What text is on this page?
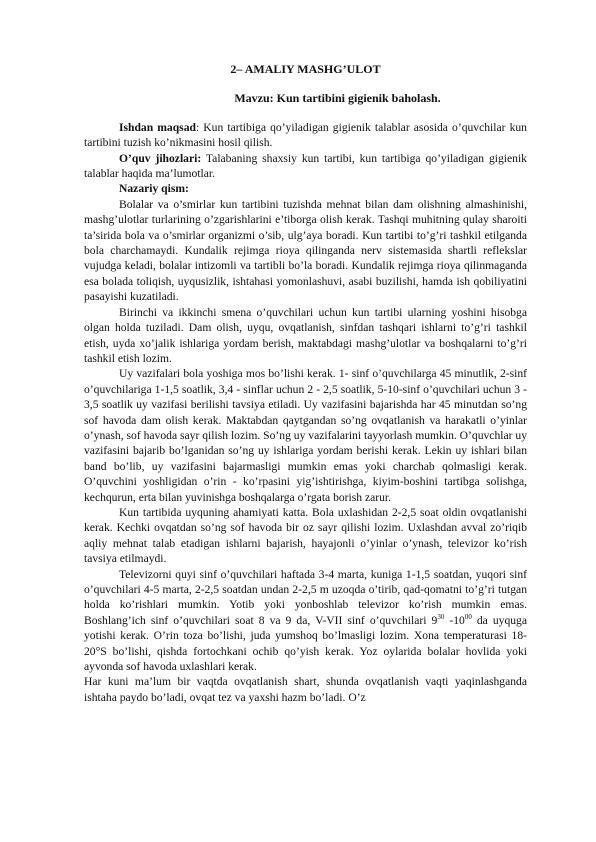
2– AMALIY MASHG’ULOT
Mavzu: Kun tartibini gigienik baholash.

Ishdan maqsad: Kun tartibiga qo’yiladigan gigienik talablar asosida o’quvchilar kun tartibini tuzish ko’nikmasini hosil qilish.

O’quv jihozlari: Talabaning shaxsiy kun tartibi, kun tartibiga qo’yiladigan gigienik talablar haqida ma’lumotlar.

Nazariy qism:

Bolalar va o’smirlar kun tartibini tuzishda mehnat bilan dam olishning almashinishi, mashg’ulotlar turlarining o’zgarishlarini e’tiborga olish kerak. Tashqi muhitning qulay sharoiti ta’sirida bola va o’smirlar organizmi o’sib, ulg’aya boradi. Kun tartibi to’g’ri tashkil etilganda bola charchamaydi. Kundalik rejimga rioya qilinganda nerv sistemasida shartli reflekslar vujudga keladi, bolalar intizomli va tartibli bo’la boradi. Kundalik rejimga rioya qilinmaganda esa bolada toliqish, uyqusizlik, ishtahasi yomonlashuvi, asabi buzilishi, hamda ish qobiliyatini pasayishi kuzatiladi.

Birinchi va ikkinchi smena o’quvchilari uchun kun tartibi ularning yoshini hisobga olgan holda tuziladi. Dam olish, uyqu, ovqatlanish, sinfdan tashqari ishlarni to’g’ri tashkil etish, uyda xo’jalik ishlariga yordam berish, maktabdagi mashg’ulotlar va boshqalarni to’g’ri tashkil etish lozim.

Uy vazifalari bola yoshiga mos bo’lishi kerak. 1- sinf o’quvchilarga 45 minutlik, 2-sinf o’quvchilariga 1-1,5 soatlik, 3,4 - sinflar uchun 2 - 2,5 soatlik, 5-10-sinf o’quvchilari uchun 3 - 3,5 soatlik uy vazifasi berilishi tavsiya etiladi. Uy vazifasini bajarishda har 45 minutdan so’ng sof havoda dam olish kerak. Maktabdan qaytgandan so’ng ovqatlanish va harakatli o’yinlar o’ynash, sof havoda sayr qilish lozim. So’ng uy vazifalarini tayyorlash mumkin. O’quvchlar uy vazifasini bajarib bo’lganidan so’ng uy ishlariga yordam berishi kerak. Lekin uy ishlari bilan band bo’lib, uy vazifasini bajarmasligi mumkin emas yoki charchab qolmasligi kerak. O’quvchini yoshligidan o’rin - ko’rpasini yig’ishtirishga, kiyim-boshini tartibga solishga, kechqurun, erta bilan yuvinishga boshqalarga o’rgata borish zarur.

Kun tartibida uyquning ahamiyati katta. Bola uxlashidan 2-2,5 soat oldin ovqatlanishi kerak. Kechki ovqatdan so’ng sof havoda bir oz sayr qilishi lozim. Uxlashdan avval zo’riqib aqliy mehnat talab etadigan ishlarni bajarish, hayajonli o’yinlar o’ynash, televizor ko’rish tavsiya etilmaydi.

Televizorni quyi sinf o’quvchilari haftada 3-4 marta, kuniga 1-1,5 soatdan, yuqori sinf o’quvchilari 4-5 marta, 2-2,5 soatdan undan 2-2,5 m uzoqda o’tirib, qad-qomatni to’g’ri tutgan holda ko’rishlari mumkin. Yotib yoki yonboshlab televizor ko’rish mumkin emas. Boshlang’ich sinf o’quvchilari soat 8 va 9 da, V-VII sinf o’quvchilari $9^{30}$ $-10^{00}$ da uyquga yotishi kerak. O’rin toza bo’lishi, juda yumshoq bo’lmasligi lozim. Xona temperaturasi 18-20°S bo’lishi, qishda fortochkani ochib qo’yish kerak. Yoz oylarida bolalar hovlida yoki ayvonda sof havoda uxlashlari kerak.

Har kuni ma’lum bir vaqtda ovqatlanish shart, shunda ovqatlanish vaqti yaqinlashganda ishtaha paydo bo’ladi, ovqat tez va yaxshi hazm bo’ladi. O’z
